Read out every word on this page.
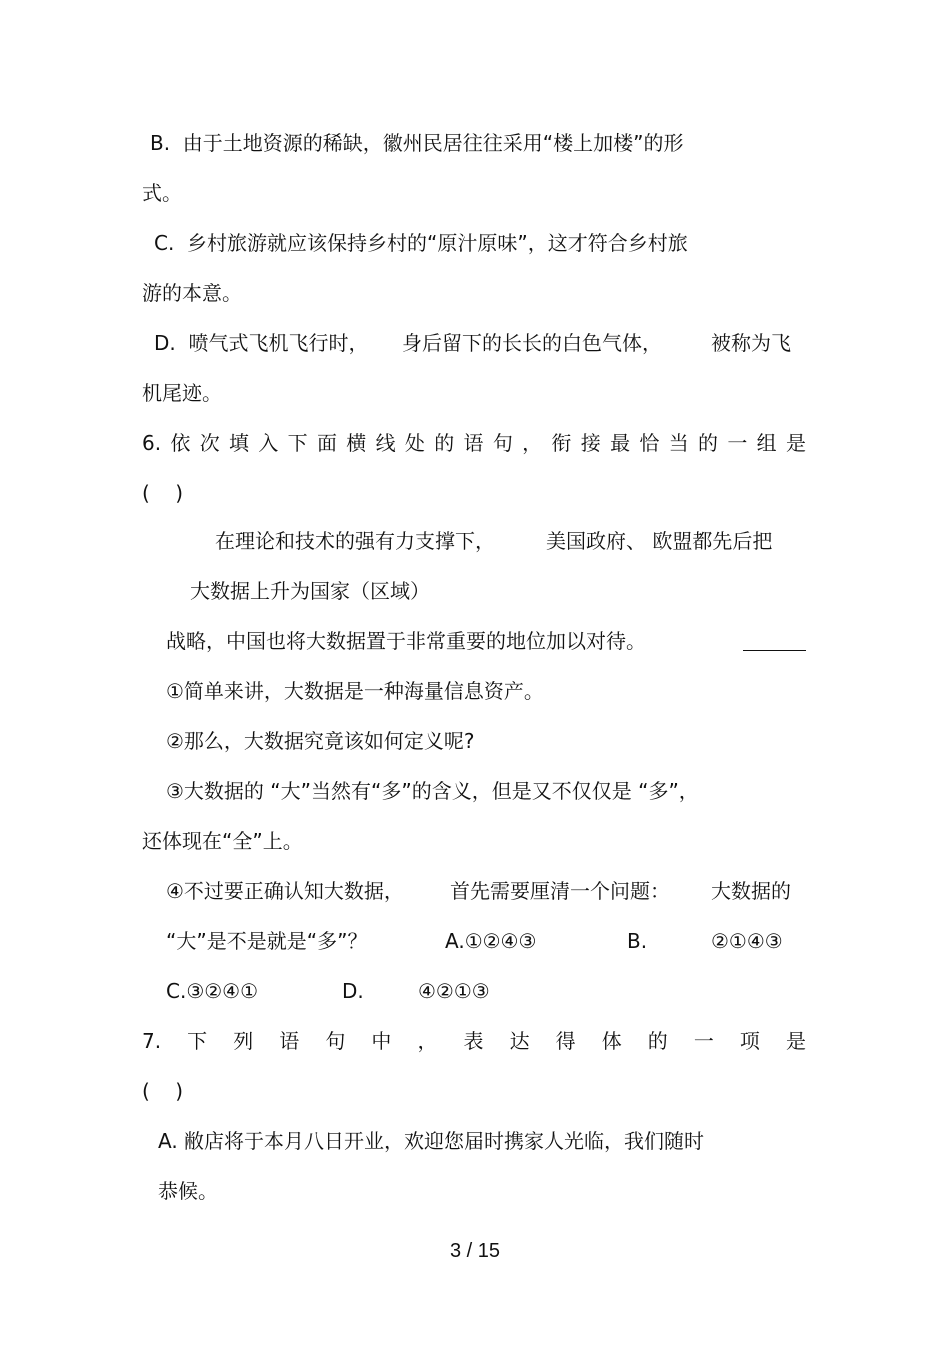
B.  由于土地资源的稀缺，徽州民居往往采用“楼上加楼”的形
式。
C.  乡村旅游就应该保持乡村的“原汁原味”，这才符合乡村旅
游的本意。
D.  喷气式飞机飞行时， 身后留下的长长的白色气体， 被称为飞
机尾迹。
6. 依 次 填 入 下 面 横 线 处 的 语 句 ， 衔 接 最 恰 当 的 一 组 是
(    )
在理论和技术的强有力支撑下，	美国政府、 欧盟都先后把
大数据上升为国家（区域）
战略，中国也将大数据置于非常重要的地位加以对待。
①简单来讲，大数据是一种海量信息资产。
②那么，大数据究竟该如何定义呢?
③大数据的 “大”当然有“多”的含义，但是又不仅仅是 “多”，
还体现在“全”上。
④不过要正确认知大数据， 首先需要厘清一个问题： 大数据的
“大”是不是就是“多”？	A.①②④③	B.	②①④③
C.③②④①	D.	④②①③
7. 下 列 语 句 中 ， 表 达 得 体 的 一 项 是
(    )
A. 敝店将于本月八日开业，欢迎您届时携家人光临，我们随时
恭候。
3 / 15
